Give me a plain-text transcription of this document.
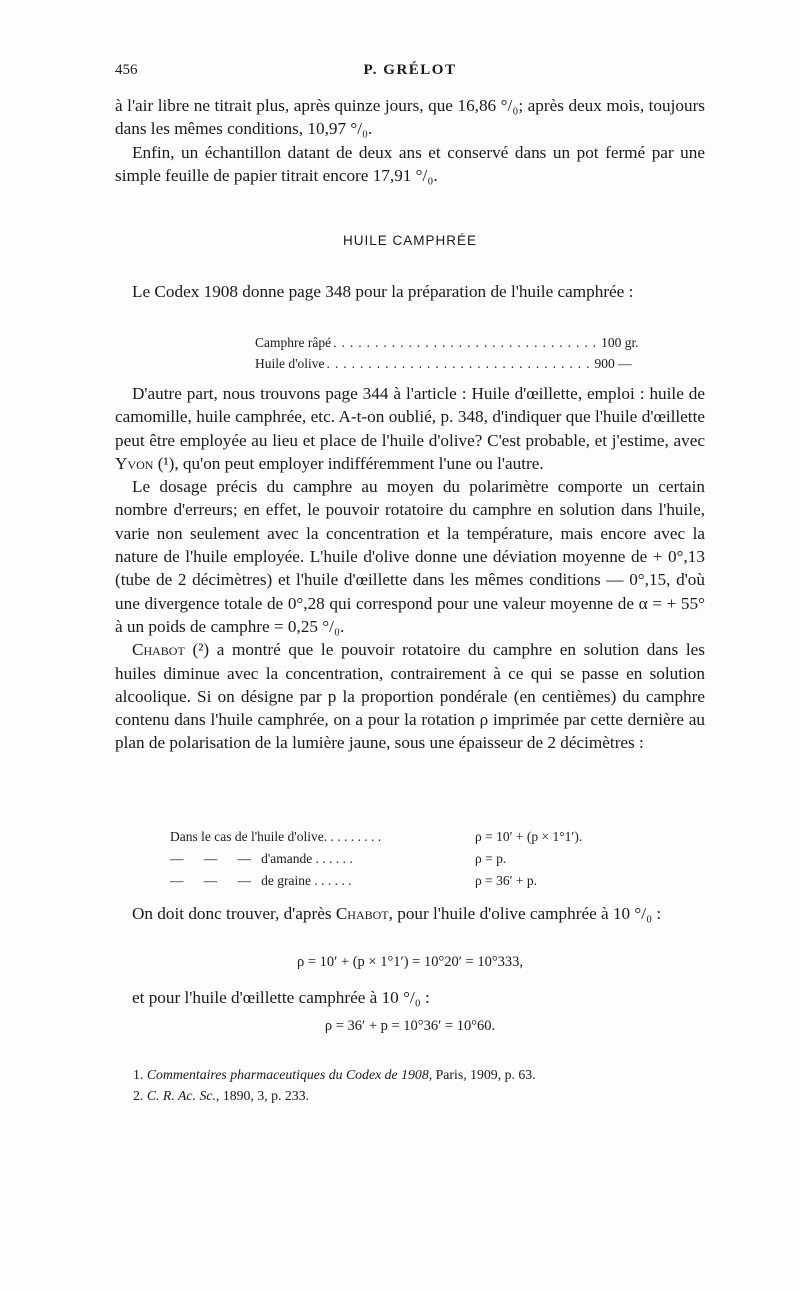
456	P. GRÉLOT

à l'air libre ne titrait plus, après quinze jours, que 16,86 °/₀; après deux mois, toujours dans les mêmes conditions, 10,97 °/₀.

Enfin, un échantillon datant de deux ans et conservé dans un pot fermé par une simple feuille de papier titrait encore 17,91 °/₀.

HUILE CAMPHRÉE

Le Codex 1908 donne page 348 pour la préparation de l'huile camphrée :

Camphre râpé ................................ 100 gr.
Huile d'olive ................................ 900 —

D'autre part, nous trouvons page 344 à l'article : Huile d'œillette, emploi : huile de camomille, huile camphrée, etc. A-t-on oublié, p. 348, d'indiquer que l'huile d'œillette peut être employée au lieu et place de l'huile d'olive? C'est probable, et j'estime, avec Yvon (¹), qu'on peut employer indifféremment l'une ou l'autre.

Le dosage précis du camphre au moyen du polarimètre comporte un certain nombre d'erreurs; en effet, le pouvoir rotatoire du camphre en solution dans l'huile, varie non seulement avec la concentration et la température, mais encore avec la nature de l'huile employée. L'huile d'olive donne une déviation moyenne de + 0°,13 (tube de 2 décimètres) et l'huile d'œillette dans les mêmes conditions — 0°,15, d'où une divergence totale de 0°,28 qui correspond pour une valeur moyenne de α = + 55° à un poids de camphre = 0,25 °/₀.

Chabot (²) a montré que le pouvoir rotatoire du camphre en solution dans les huiles diminue avec la concentration, contrairement à ce qui se passe en solution alcoolique. Si on désigne par p la proportion pondérale (en centièmes) du camphre contenu dans l'huile camphrée, on a pour la rotation ρ imprimée par cette dernière au plan de polarisation de la lumière jaune, sous une épaisseur de 2 décimètres :

Dans le cas de l'huile d'olive. . . . . . . . .	ρ = 10′ + (p × 1°1′).
—      —      —   d'amande . . . . . .	ρ = p.
—      —      —   de graine . . . . . .	ρ = 36′ + p.

On doit donc trouver, d'après Chabot, pour l'huile d'olive camphrée à 10 °/₀ :

ρ = 10′ + (p × 1°1′) = 10°20′ = 10°333,

et pour l'huile d'œillette camphrée à 10 °/₀ :

ρ = 36′ + p = 10°36′ = 10°60.
1. Commentaires pharmaceutiques du Codex de 1908, Paris, 1909, p. 63.
2. C. R. Ac. Sc., 1890, 3, p. 233.
